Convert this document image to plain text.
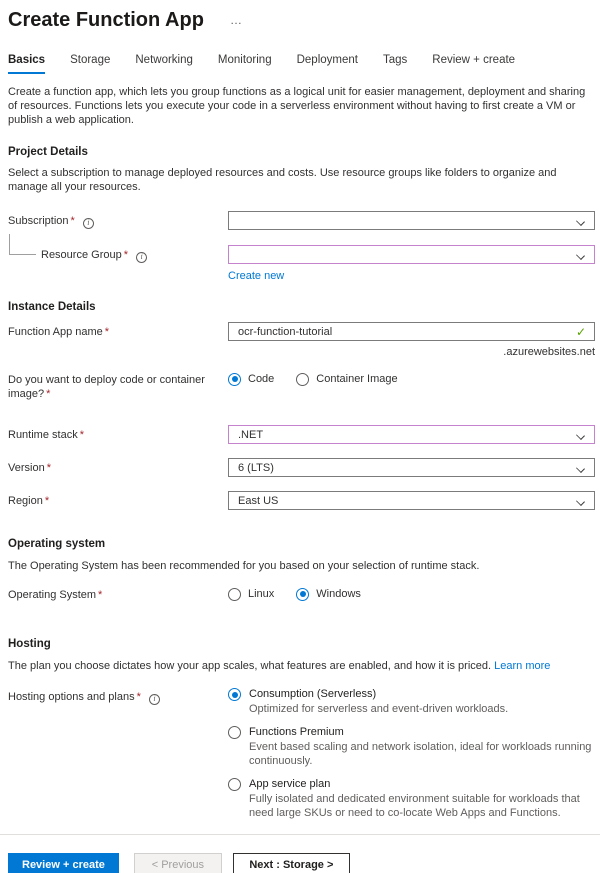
Create Function App …
Basics Storage Networking Monitoring Deployment Tags Review + create
Create a function app, which lets you group functions as a logical unit for easier management, deployment and sharing of resources. Functions lets you execute your code in a serverless environment without having to first create a VM or publish a web application.
Project Details
Select a subscription to manage deployed resources and costs. Use resource groups like folders to organize and manage all your resources.
Subscription * i
Resource Group * i
Create new
Instance Details
Function App name *	ocr-function-tutorial	✓
.azurewebsites.net
Do you want to deploy code or container
image? *
Code	Container Image
Runtime stack *	.NET
Version *	6 (LTS)
Region *	East US
Operating system
The Operating System has been recommended for you based on your selection of runtime stack.
Operating System *	Linux	Windows
Hosting
The plan you choose dictates how your app scales, what features are enabled, and how it is priced. Learn more
Hosting options and plans * i	Consumption (Serverless)
Optimized for serverless and event-driven workloads.
Functions Premium
Event based scaling and network isolation, ideal for workloads running continuously.
App service plan
Fully isolated and dedicated environment suitable for workloads that need large SKUs or need to co-locate Web Apps and Functions.
Review + create	< Previous	Next : Storage >
